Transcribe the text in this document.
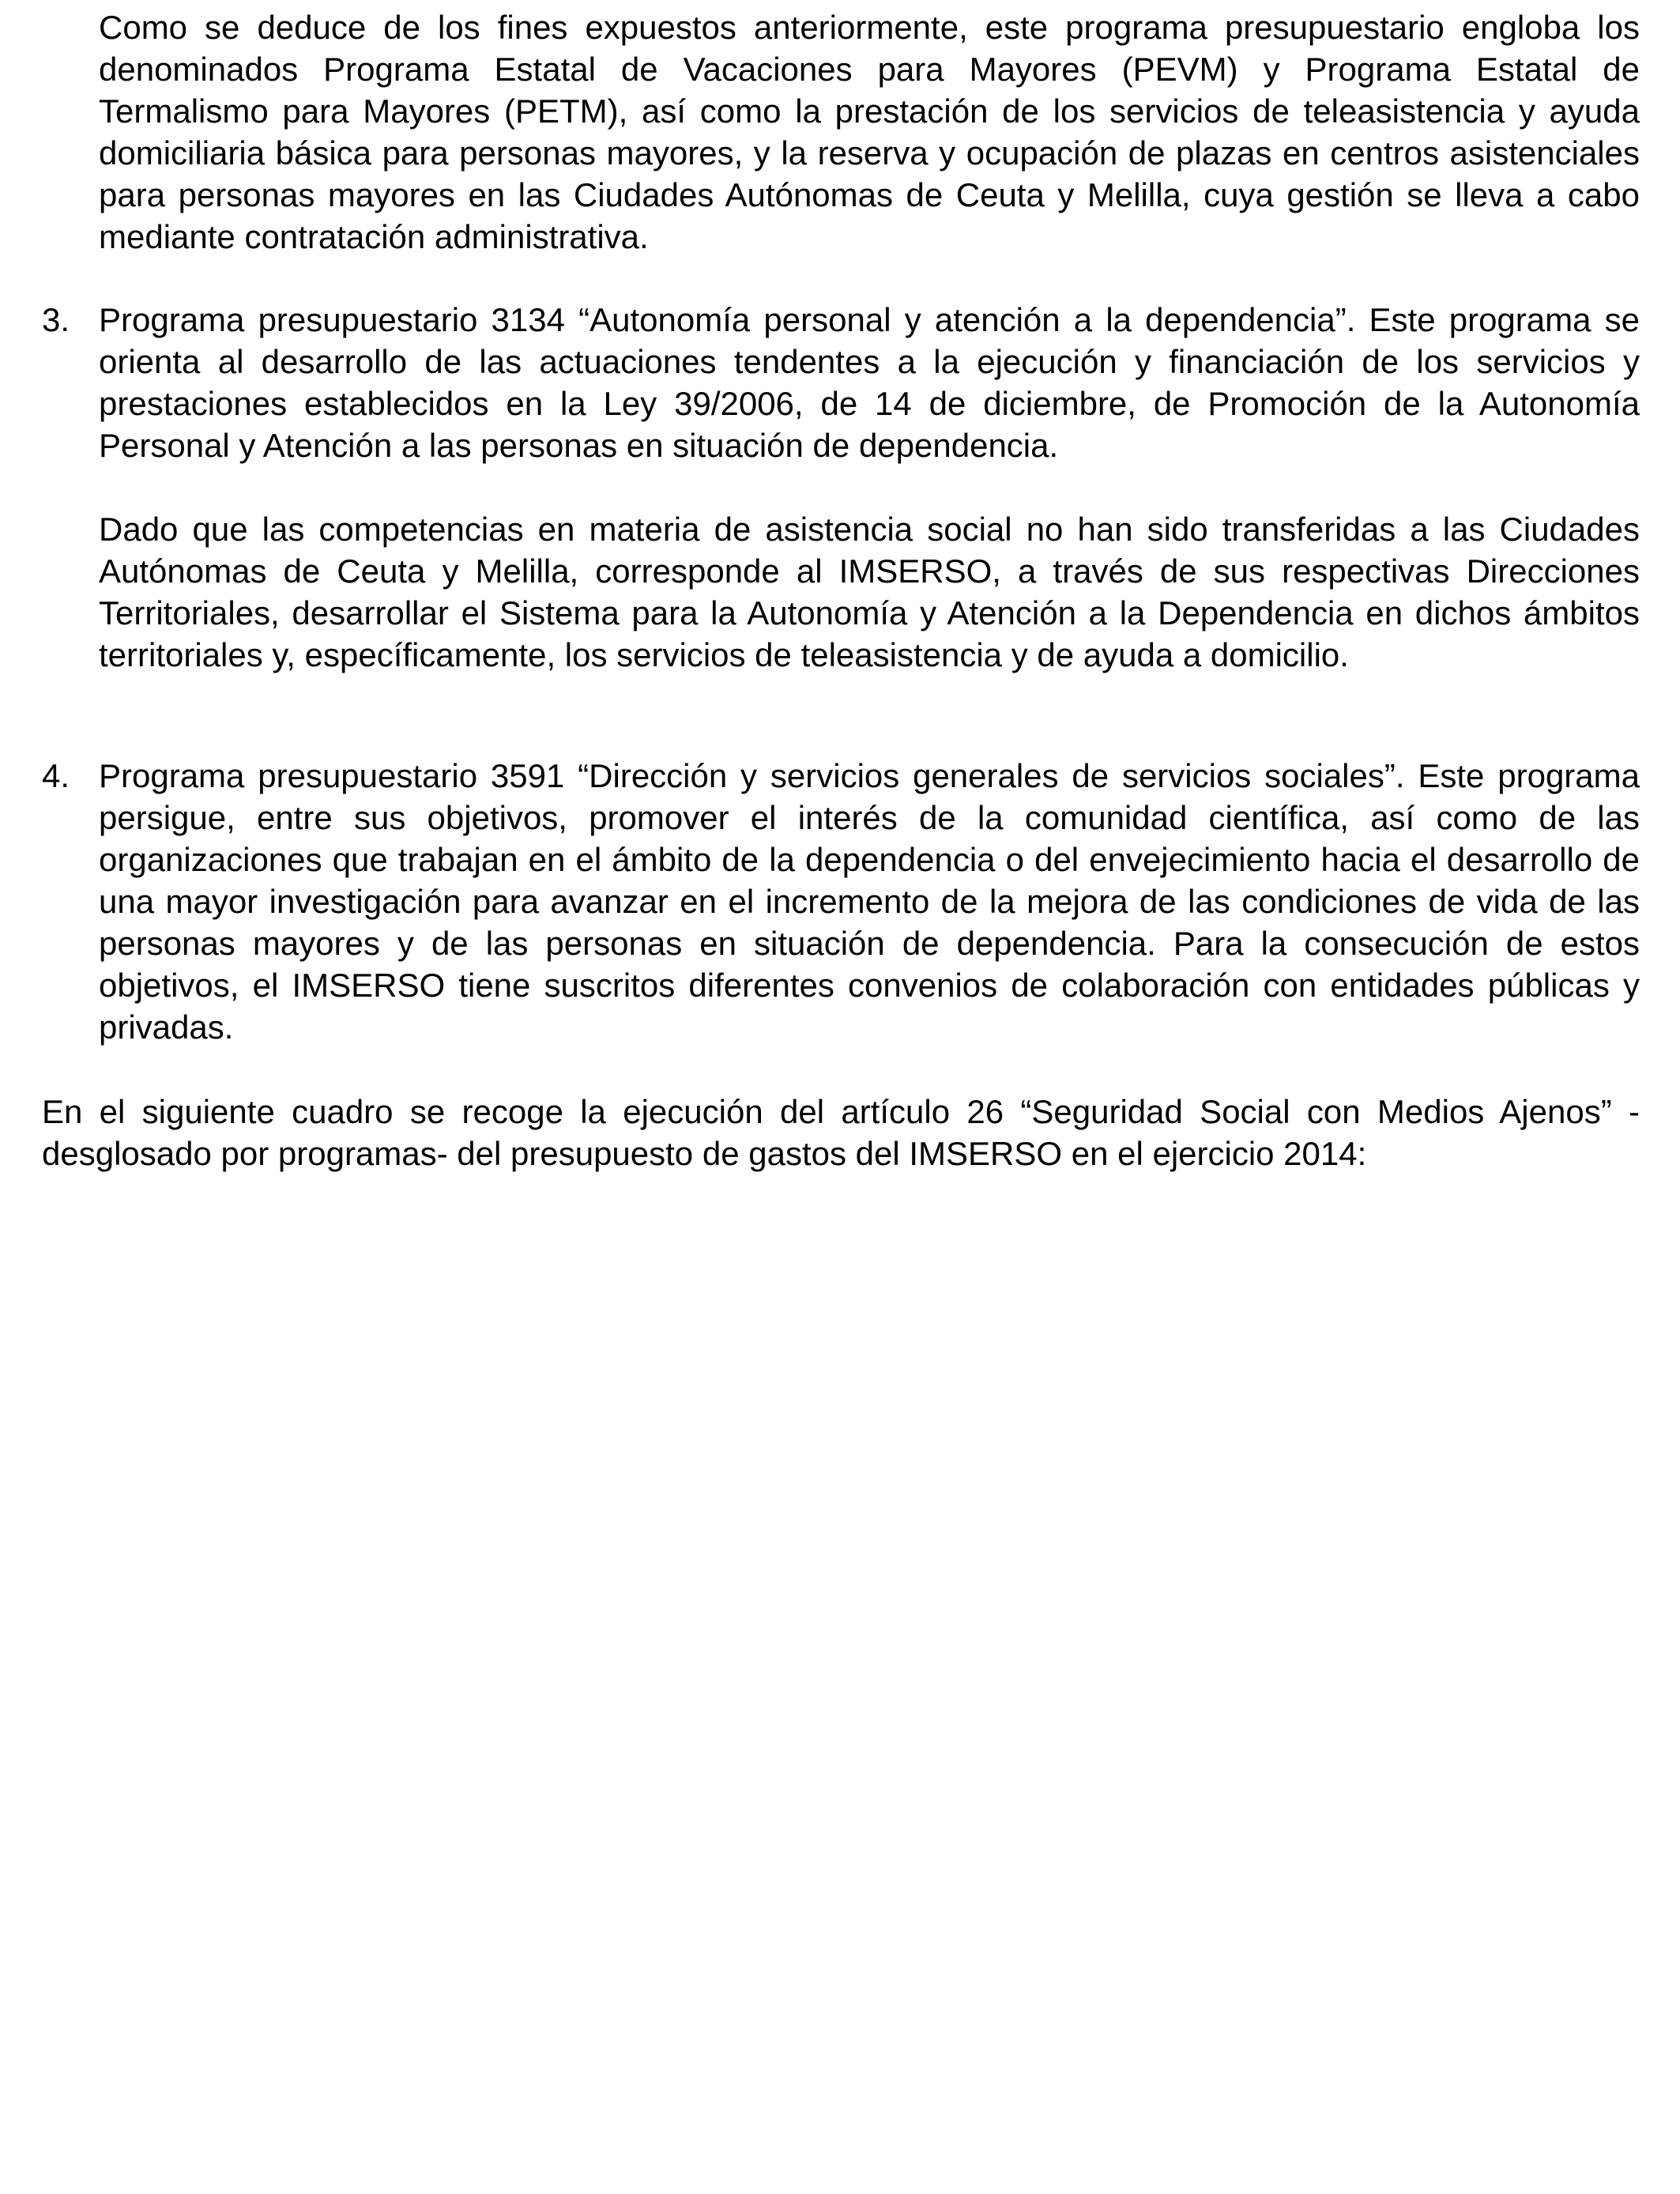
Como se deduce de los fines expuestos anteriormente, este programa presupuestario engloba los denominados Programa Estatal de Vacaciones para Mayores (PEVM) y Programa Estatal de Termalismo para Mayores (PETM), así como la prestación de los servicios de teleasistencia y ayuda domiciliaria básica para personas mayores, y la reserva y ocupación de plazas en centros asistenciales para personas mayores en las Ciudades Autónomas de Ceuta y Melilla, cuya gestión se lleva a cabo mediante contratación administrativa.

3. Programa presupuestario 3134 “Autonomía personal y atención a la dependencia”. Este programa se orienta al desarrollo de las actuaciones tendentes a la ejecución y financiación de los servicios y prestaciones establecidos en la Ley 39/2006, de 14 de diciembre, de Promoción de la Autonomía Personal y Atención a las personas en situación de dependencia.

Dado que las competencias en materia de asistencia social no han sido transferidas a las Ciudades Autónomas de Ceuta y Melilla, corresponde al IMSERSO, a través de sus respectivas Direcciones Territoriales, desarrollar el Sistema para la Autonomía y Atención a la Dependencia en dichos ámbitos territoriales y, específicamente, los servicios de teleasistencia y de ayuda a domicilio.

4. Programa presupuestario 3591 “Dirección y servicios generales de servicios sociales”. Este programa persigue, entre sus objetivos, promover el interés de la comunidad científica, así como de las organizaciones que trabajan en el ámbito de la dependencia o del envejecimiento hacia el desarrollo de una mayor investigación para avanzar en el incremento de la mejora de las condiciones de vida de las personas mayores y de las personas en situación de dependencia. Para la consecución de estos objetivos, el IMSERSO tiene suscritos diferentes convenios de colaboración con entidades públicas y privadas.

En el siguiente cuadro se recoge la ejecución del artículo 26 “Seguridad Social con Medios Ajenos” -desglosado por programas- del presupuesto de gastos del IMSERSO en el ejercicio 2014:
